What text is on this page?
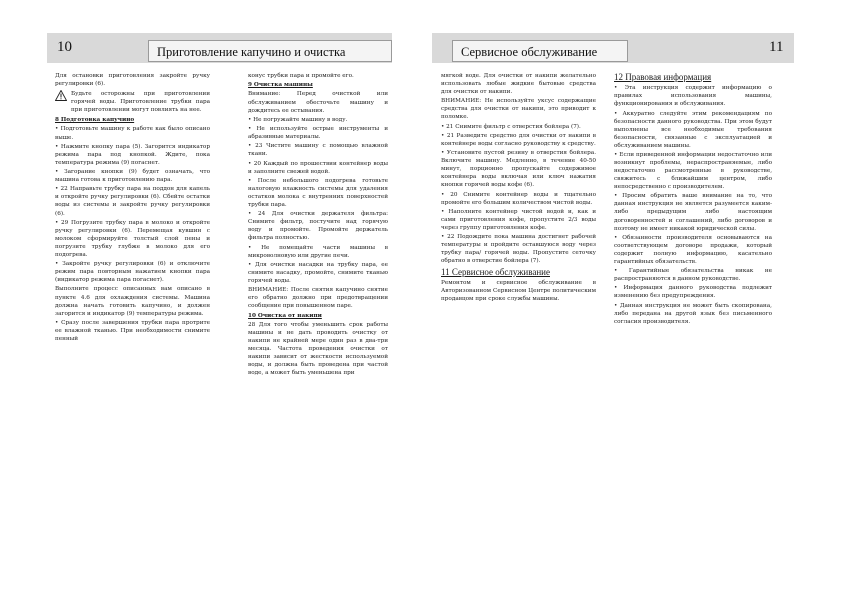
10	Приготовление капучино и очистка

Для остановки приготовления закройте ручку регулировки (6).

Будьте осторожны при приготовлении горячей воды. Приготовление трубки пара при приготовлении могут повлиять на нее.

8 Подготовка капучино

• Подготовьте машину к работе как было описано выше.

• Нажмите кнопку пара (5). Загорится индикатор режима пара под кнопкой. Ждите, пока температура режима (9) погаснет.

• Загорание кнопки (9) будет означать, что машина готова к приготовлению пара.

• 22 Направьте трубку пара на поддон для капель и откройте ручку регулировки (6). Сбейте остатки воды из системы и закройте ручку регулировки (6).

• 29 Погрузите трубку пара в молоко и откройте ручку регулировки (6). Перемещая кувшин с молоком сформируйте толстый слой пены и погрузите трубку глубже в молоко для его подогрева.

• Закройте ручку регулировки (6) и отключите режим пара повторным нажатием кнопки пара (индикатор режима пара погаснет).

Выполните процесс описанных вам описано в пункте 4.6 для охлаждения системы. Машина должна начать готовить капучино, и должен загорится и индикатор (9) температуры режима.

• Сразу после завершения трубки пара протрите ее влажной тканью. При необходимости снимите пенный

конус трубки пара и промойте его.

9 Очистка машины

Внимание: Перед очисткой или обслуживанием обесточьте машину и дождитесь ее остывания.

• Не погружайте машину в воду.

• Не используйте острые инструменты и абразивные материалы.

• 23 Чистите машину с помощью влажной ткани.

• 20 Каждый по прошествии контейнер воды и заполните свежей водой.

• После небольшого подогрева готовьте налоговую влажность системы для удаления остатков молока с внутренних поверхностей трубки пара.

• 24 Для очистки держателя фильтра: Снимите фильтр, постучите над горячую воду и промойте. Промойте держатель фильтра полностью.

• Не помещайте части машины в микроволновую или другие печи.

• Для очистки насадки на трубку пара, ее снимите насадку, промойте, снимите тканью горячей воды.

ВНИМАНИЕ: После снятия капучино снятие его обратно должно при предотвращении сообщение при повышенном паре.

10 Очистка от накипи

28 Для того чтобы уменьшить срок работы машины и не дать проводить очистку от накипи не крайней мере один раз в два-три месяца. Частота проведения очистки от накипи зависит от жесткости используемой воды, и должна быть проведена при частой воде, а может быть уменьшена при

Сервисное обслуживание	11

мягкой воде. Для очистки от накипи желательно использовать любые жидкие бытовые средства для очистки от накипи.

ВНИМАНИЕ: Не используйте уксус содержащие средства для очистки от накипи, это приводит к поломке.

• 21 Снимите фильтр с отверстия бойлера (7).

• 21 Разведите средство для очистки от накипи в контейнере воды согласно руководству к средству.

• Установите пустой резину в отверстия бойлера. Включите машину. Медленно, в течение 40-50 минут, порционно пропускайте содержимое контейнера воды включая или ключ нажатия кнопки горячей воды кофе (6).

• 20 Снимите контейнер воды и тщательно промойте его большим количеством чистой воды.

• Наполните контейнер чистой водой и, как и сами приготовления кофе, пропустите 2/3 воды через группу приготовления кофе.

• 22 Подождите пока машина достигнет рабочей температуры и пройдите оставшуюся воду через трубку пара/ горячей воды. Пропустите сеточку обратно в отверстие бойлера (7).

11 Сервисное обслуживание

Ремонтом и сервисное обслуживание в Авторизованном Сервисном Центре политическим продавцом при сроке службы машины.

12 Правовая информация

• Эта инструкция содержит информацию о правилах использования машины, функционирования и обслуживания.

• Аккуратно следуйте этим рекомендациям по безопасности данного руководства. При этом будут выполнены все необходимые требования безопасности, связанные с эксплуатацией и обслуживанием машины.

• Если приведенной информации недостаточно или возникнут проблемы, нераспространяемые, либо недостаточно рассмотренные в руководстве, свяжитесь с ближайшим центром, либо непосредственно с производителем.

• Просим обратить ваше внимание на то, что данная инструкция не является разумеется каким-либо предыдущим либо настоящим договоренностей и соглашений, либо договоров и поэтому не имеет никакой юридической силы.

• Обязанности производителя основываются на соответствующем договоре продажи, который содержит полную информацию, касательно гарантийных обязательств.

• Гарантийные обязательства никак не распространяются в данном руководстве.

• Информация данного руководства подлежит изменению без предупреждения.

• Данная инструкция не может быть скопирована, либо передана на другой язык без письменного согласия производителя.
